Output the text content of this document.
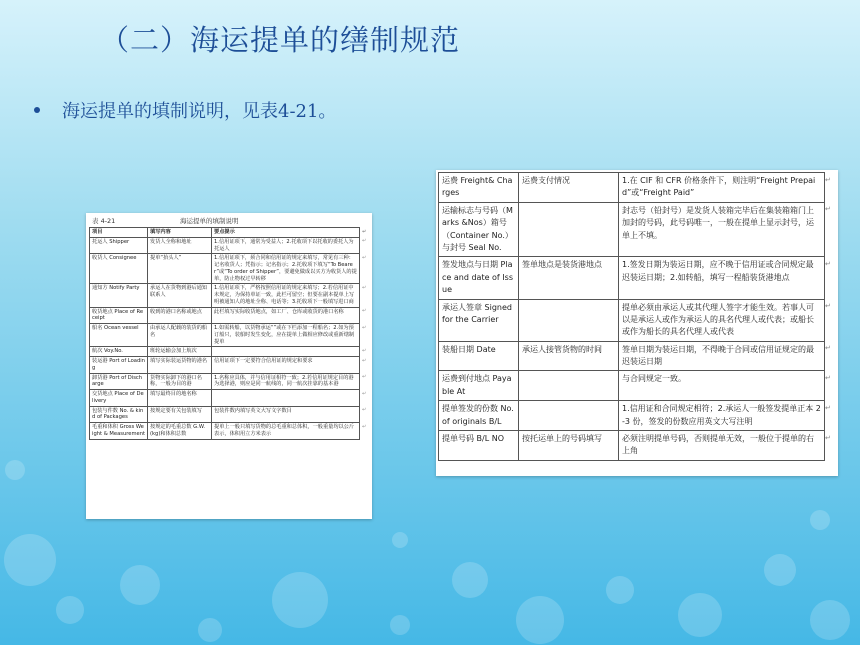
（二）海运提单的缮制规范
海运提单的填制说明，见表4-21。
表 4-21	海运提单的填制说明
项目	填写内容	要点提示	↵
托运人 Shipper	发货人全称和地址	1.信用证项下，通常为受益人；2.托收项下以托收的委托人为托运人	↵
收货人 Consignee	提单“抬头人”	1.信用证项下，须合同和信用证的规定来填写，常见有三种：记名收货人；凭指示；记名指示；2.托收项下填写“To Bearer”或“To order of Shipper”，要避免做成以买方为收货人的提单，防止物权过早转移	↵
通知方 Notify Party	承运人在货物到港后通知联系人	1.信用证项下，严格按照信用证的规定来填写；2.若信用证中未规定，为保持单证一致，此栏可留空；但要在副本提单上写明被通知人的地址全称、电话等；3.托收项下一般填写进口商	↵
收货地点 Place of Receipt	收到的港口名称或地点	此栏填写实际收货地点，如工厂、仓库或收货的港口名称	↵
船名 Ocean vessel	由承运人配载的装货的船名	1.如需转船，以货物承运“”或在下栏添加一程船名；2.如为预订船只，装船时发生变化，应在提单上做相应修改或重新缮制提单	↵
航次 Voy.No.	班轮运输会加上航次		↵
装运港 Port of Loading	填写实际装运货物的港名	信用证项下一定要符合信用证的规定和要求	↵
卸货港 Port of Discharge	货物实际卸下的港口名称，一般为目的港	1.名称应具体，并与信用证相符一致；2.若信用证规定目的港为选择港，则应是同一航线的，同一航次挂靠的基本港	↵
交货地点 Place of Delivery	填写最终目的地名称		↵
包装与件数 No. & kind of Packages	按规定要有关包装填写	包装件数内填写英文大写文字数目	↵
毛重和体积 Gross Weight & Measurement	按规定的毛重总数 G.W.(kg)和体积总数	提单上一般只填写货物的总毛重和总体积，一般重量均以公斤表示，体积用立方米表示	↵
运费 Freight& Charges	运费支付情况	1.在 CIF 和 CFR 价格条件下，则注明“Freight Prepaid”或“Freight Paid”	↵
运输标志与号码（Marks &Nos）箱号（Container No.）与封号 Seal No.		封志号（铅封号）是发货人装箱完毕后在集装箱箱门上加封的号码，此号码唯一，一般在提单上显示封号，运单上不填。	↵
签发地点与日期 Place and date of Issue	签单地点是装货港地点	1.签发日期为装运日期，应不晚于信用证或合同规定最迟装运日期；2.如转船，填写一程船装货港地点	↵
承运人签章 Signed for the Carrier		提单必须由承运人或其代理人签字才能生效。若事人可以是承运人或作为承运人的具名代理人或代表；或船长或作为船长的具名代理人或代表	↵
装船日期 Date	承运人接管货物的时间	签单日期为装运日期，不得晚于合同或信用证规定的最迟装运日期	↵
运费到付地点 Payable At		与合同规定一致。	↵
提单签发的份数 No.of originals B/L		1.信用证和合同规定相符；2.承运人一般签发提单正本 2-3 份，签发的份数应用英文大写注明	↵
提单号码 B/L NO	按托运单上的号码填写	必须注明提单号码，否则提单无效，一般位于提单的右上角	↵
